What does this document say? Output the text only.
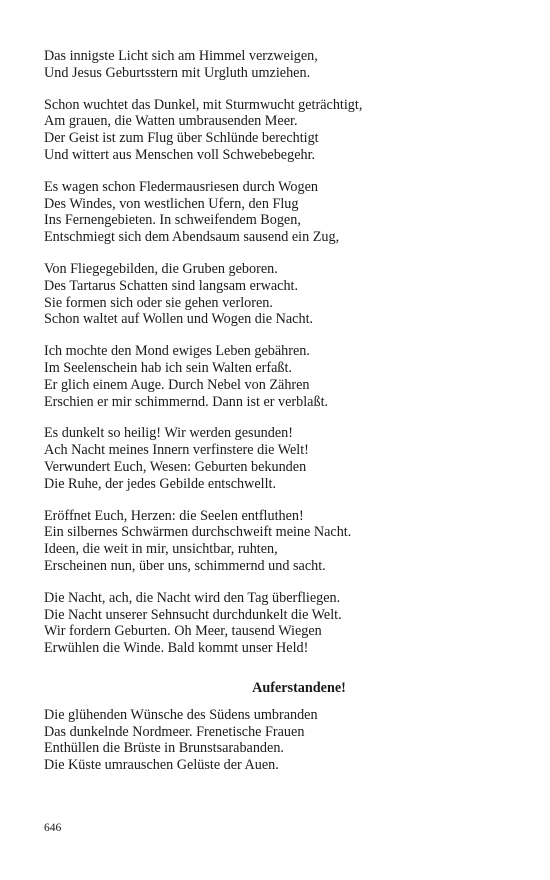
Das innigste Licht sich am Himmel verzweigen,
Und Jesus Geburtsstern mit Urgluth umziehen.
Schon wuchtet das Dunkel, mit Sturmwucht geträchtigt,
Am grauen, die Watten umbrausenden Meer.
Der Geist ist zum Flug über Schlünde berechtigt
Und wittert aus Menschen voll Schwebebegehr.
Es wagen schon Fledermausriesen durch Wogen
Des Windes, von westlichen Ufern, den Flug
Ins Fernengebieten. In schweifendem Bogen,
Entschmiegt sich dem Abendsaum sausend ein Zug,
Von Fliegegebilden, die Gruben geboren.
Des Tartarus Schatten sind langsam erwacht.
Sie formen sich oder sie gehen verloren.
Schon waltet auf Wollen und Wogen die Nacht.
Ich mochte den Mond ewiges Leben gebähren.
Im Seelenschein hab ich sein Walten erfaßt.
Er glich einem Auge. Durch Nebel von Zähren
Erschien er mir schimmernd. Dann ist er verblaßt.
Es dunkelt so heilig! Wir werden gesunden!
Ach Nacht meines Innern verfinstere die Welt!
Verwundert Euch, Wesen: Geburten bekunden
Die Ruhe, der jedes Gebilde entschwellt.
Eröffnet Euch, Herzen: die Seelen entfluthen!
Ein silbernes Schwärmen durchschweift meine Nacht.
Ideen, die weit in mir, unsichtbar, ruhten,
Erscheinen nun, über uns, schimmernd und sacht.
Die Nacht, ach, die Nacht wird den Tag überfliegen.
Die Nacht unserer Sehnsucht durchdunkelt die Welt.
Wir fordern Geburten. Oh Meer, tausend Wiegen
Erwühlen die Winde. Bald kommt unser Held!
Auferstandene!
Die glühenden Wünsche des Südens umbranden
Das dunkelnde Nordmeer. Frenetische Frauen
Enthüllen die Brüste in Brunstsarabanden.
Die Küste umrauschen Gelüste der Auen.
646
